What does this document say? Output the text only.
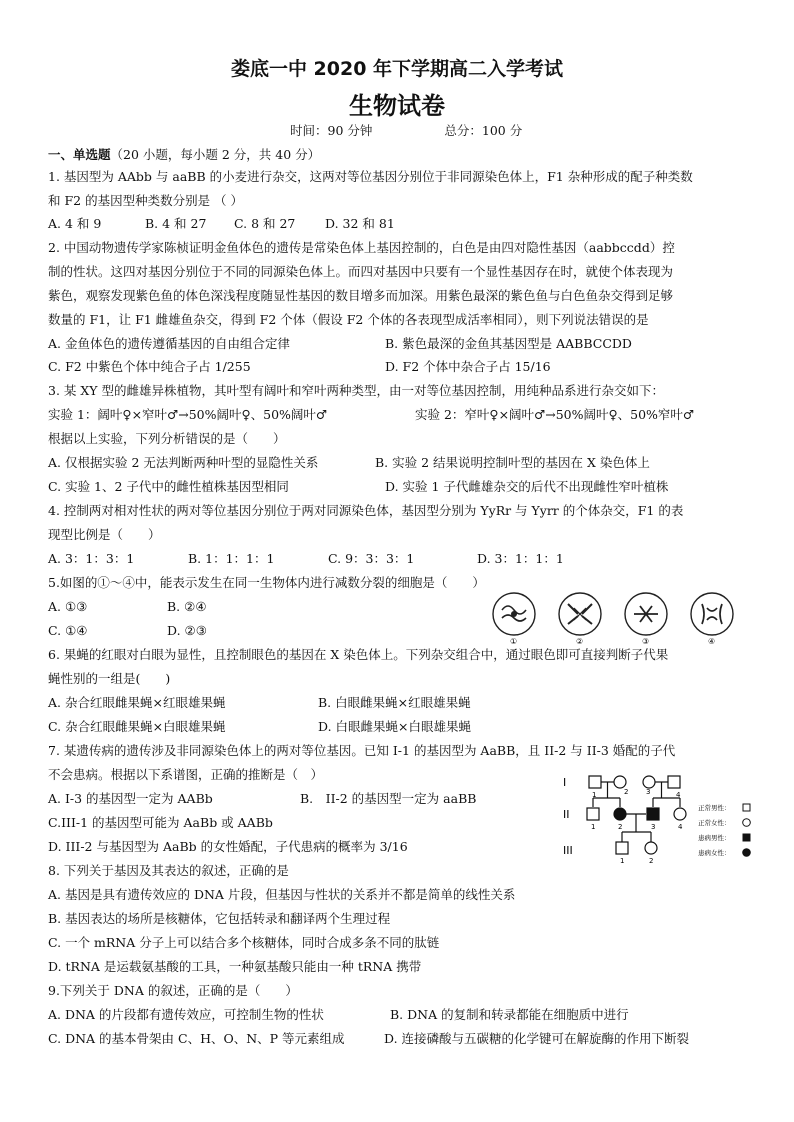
娄底一中 2020 年下学期高二入学考试
生物试卷
时间：90 分钟	总分：100 分
一、单选题（20 小题，每小题 2 分，共 40 分）
1. 基因型为 AAbb 与 aaBB 的小麦进行杂交，这两对等位基因分别位于非同源染色体上，F1 杂种形成的配子种类数
和 F2 的基因型种类数分别是 （ ）
A. 4 和 9	B. 4 和 27 C. 8 和 27 D. 32 和 81
2. 中国动物遗传学家陈桢证明金鱼体色的遗传是常染色体上基因控制的，白色是由四对隐性基因（aabbccdd）控
制的性状。这四对基因分别位于不同的同源染色体上。而四对基因中只要有一个显性基因存在时，就使个体表现为
紫色，观察发现紫色鱼的体色深浅程度随显性基因的数目增多而加深。用紫色最深的紫色鱼与白色鱼杂交得到足够
数量的 F1，让 F1 雌雄鱼杂交，得到 F2 个体（假设 F2 个体的各表现型成活率相同），则下列说法错误的是
A. 金鱼体色的遗传遵循基因的自由组合定律	B. 紫色最深的金鱼其基因型是 AABBCCDD
C. F2 中紫色个体中纯合子占 1/255	D. F2 个体中杂合子占 15/16
3. 某 XY 型的雌雄异株植物，其叶型有阔叶和窄叶两种类型，由一对等位基因控制，用纯种品系进行杂交如下：
实验 1：阔叶♀×窄叶♂→50%阔叶♀、50%阔叶♂	实验 2：窄叶♀×阔叶♂→50%阔叶♀、50%窄叶♂
根据以上实验，下列分析错误的是（　　）
A. 仅根据实验 2 无法判断两种叶型的显隐性关系	B. 实验 2 结果说明控制叶型的基因在 X 染色体上
C. 实验 1、2 子代中的雌性植株基因型相同	D. 实验 1 子代雌雄杂交的后代不出现雌性窄叶植株
4. 控制两对相对性状的两对等位基因分别位于两对同源染色体，基因型分别为 YyRr 与 Yyrr 的个体杂交，F1 的表
现型比例是（　　）
A. 3：1：3：1	B. 1：1：1：1	C. 9：3：3：1	D. 3：1：1：1
5.如图的①～④中，能表示发生在同一生物体内进行减数分裂的细胞是（　　）
A. ①③	B. ②④
C. ①④	D. ②③
①	②	③	④
6. 果蝇的红眼对白眼为显性，且控制眼色的基因在 X 染色体上。下列杂交组合中，通过眼色即可直接判断子代果
蝇性别的一组是(　　)
A. 杂合红眼雌果蝇×红眼雄果蝇	B. 白眼雌果蝇×红眼雄果蝇
C. 杂合红眼雌果蝇×白眼雄果蝇	D. 白眼雌果蝇×白眼雄果蝇
7. 某遗传病的遗传涉及非同源染色体上的两对等位基因。已知 I-1 的基因型为 AaBB，且 II-2 与 II-3 婚配的子代
不会患病。根据以下系谱图，正确的推断是（　）
A. I-3 的基因型一定为 AABb	B.　II-2 的基因型一定为 aaBB
C.III-1 的基因型可能为 AaBb 或 AABb
D. III-2 与基因型为 AaBb 的女性婚配，子代患病的概率为 3/16
I
II
III
1	2	3	4
1	2	3	4
1	2
正常男性：
正常女性：
患病男性：
患病女性：
8. 下列关于基因及其表达的叙述，正确的是
A. 基因是具有遗传效应的 DNA 片段，但基因与性状的关系并不都是简单的线性关系
B. 基因表达的场所是核糖体，它包括转录和翻译两个生理过程
C. 一个 mRNA 分子上可以结合多个核糖体，同时合成多条不同的肽链
D. tRNA 是运载氨基酸的工具，一种氨基酸只能由一种 tRNA 携带
9.下列关于 DNA 的叙述，正确的是（　　）
A. DNA 的片段都有遗传效应，可控制生物的性状	B. DNA 的复制和转录都能在细胞质中进行
C. DNA 的基本骨架由 C、H、O、N、P 等元素组成	D. 连接磷酸与五碳糖的化学键可在解旋酶的作用下断裂
